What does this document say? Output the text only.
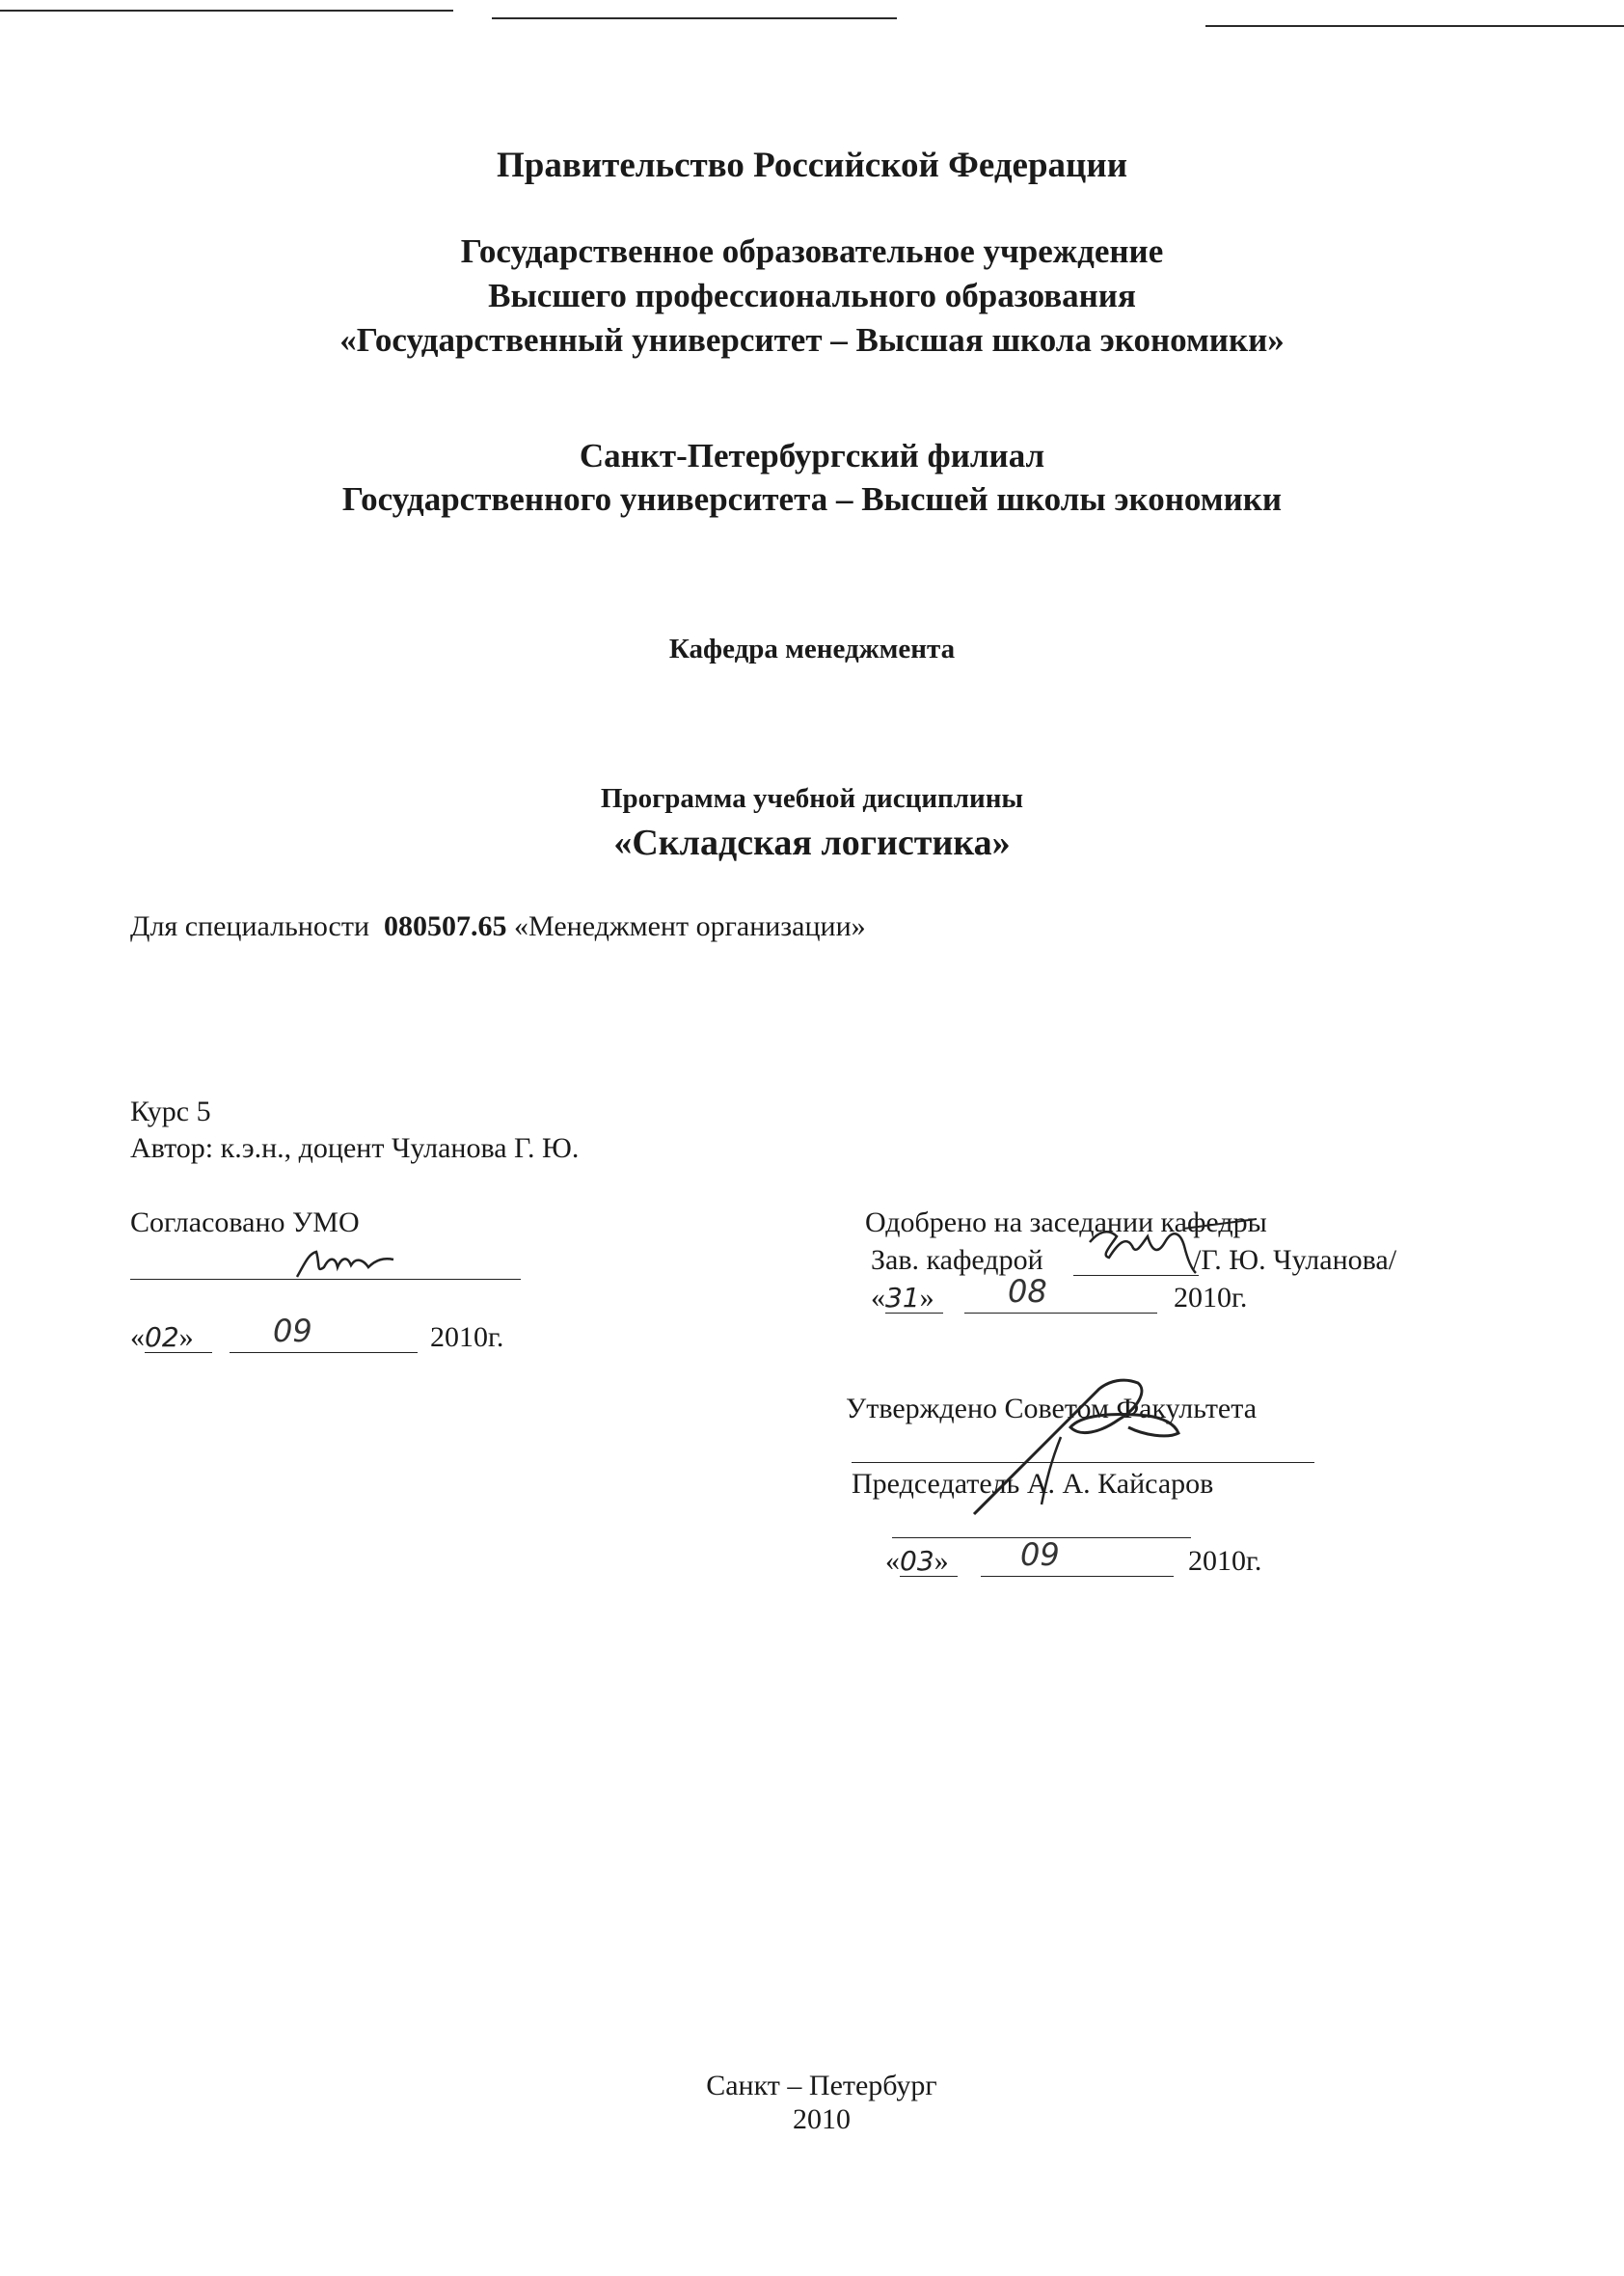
Правительство Российской Федерации
Государственное образовательное учреждение
Высшего профессионального образования
«Государственный университет – Высшая школа экономики»
Санкт-Петербургский филиал
Государственного университета – Высшей школы экономики
Кафедра менеджмента
Программа учебной дисциплины
«Складская логистика»
Для специальности 080507.65 «Менеджмент организации»
Курс 5
Автор: к.э.н., доцент Чуланова Г. Ю.
Согласовано УМО
«02»	09	2010г.
Одобрено на заседании кафедры
Зав. кафедрой	/Г. Ю. Чуланова/
«31» 08	2010г.
Утверждено Советом Факультета
Председатель А. А. Кайсаров
«03» 09	2010г.
Санкт – Петербург
2010
